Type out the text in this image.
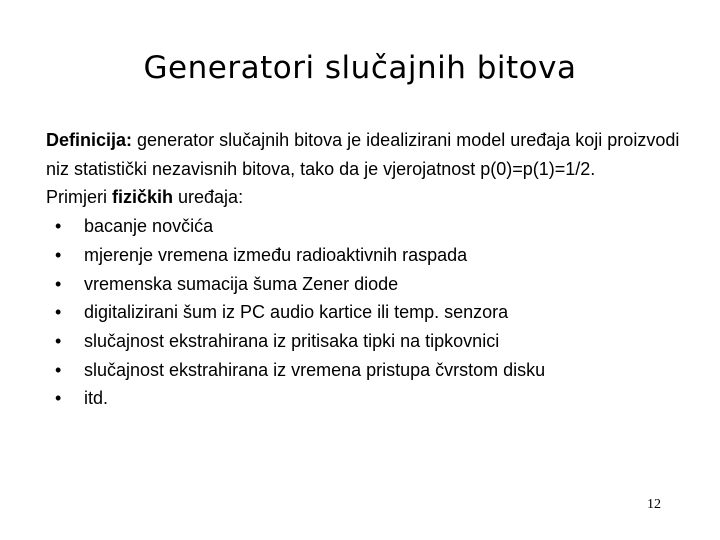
Generatori slučajnih bitova

Definicija: generator slučajnih bitova je idealizirani model uređaja koji proizvodi niz statistički nezavisnih bitova, tako da je vjerojatnost p(0)=p(1)=1/2.

Primjeri fizičkih uređaja:

• bacanje novčića
• mjerenje vremena između radioaktivnih raspada
• vremenska sumacija šuma Zener diode
• digitalizirani šum iz PC audio kartice ili temp. senzora
• slučajnost ekstrahirana iz pritisaka tipki na tipkovnici
• slučajnost ekstrahirana iz vremena pristupa čvrstom disku
• itd.
12
